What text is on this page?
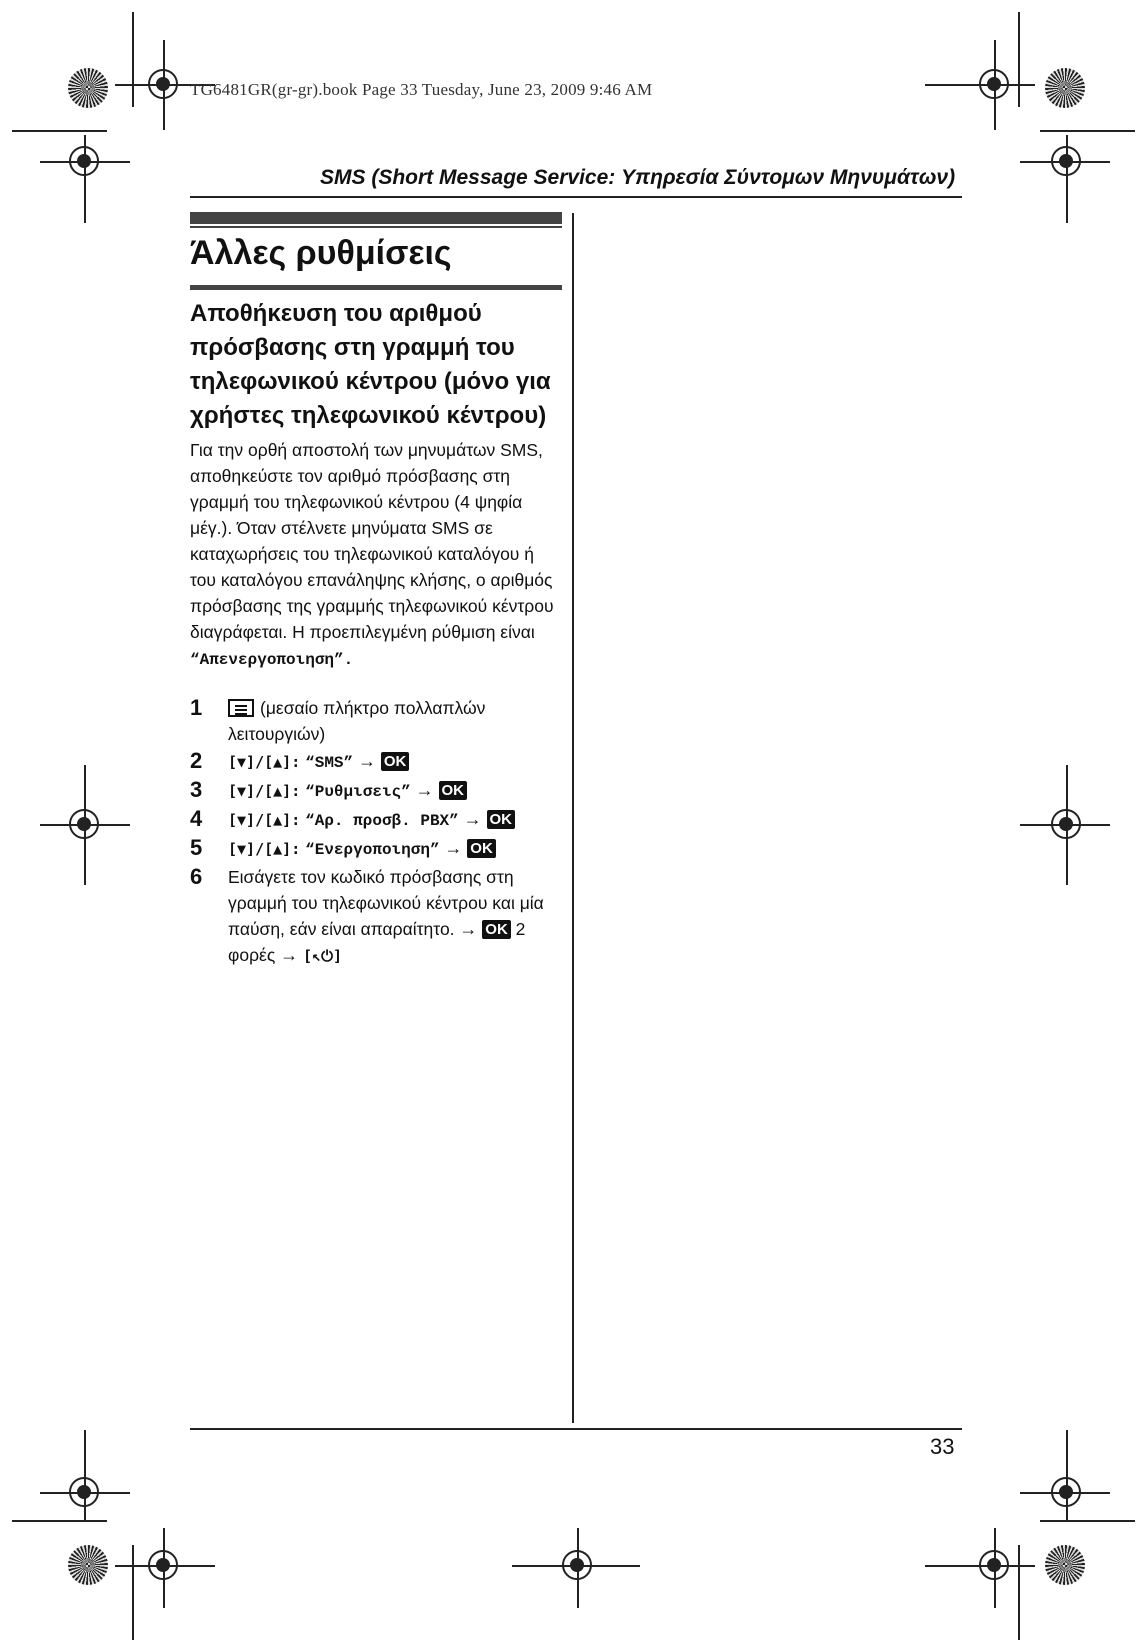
TG6481GR(gr-gr).book Page 33 Tuesday, June 23, 2009 9:46 AM
SMS (Short Message Service: Υπηρεσία Σύντομων Μηνυμάτων)
Άλλες ρυθμίσεις
Αποθήκευση του αριθμού πρόσβασης στη γραμμή του τηλεφωνικού κέντρου (μόνο για χρήστες τηλεφωνικού κέντρου)
Για την ορθή αποστολή των μηνυμάτων SMS, αποθηκεύστε τον αριθμό πρόσβασης στη γραμμή του τηλεφωνικού κέντρου (4 ψηφία μέγ.). Όταν στέλνετε μηνύματα SMS σε καταχωρήσεις του τηλεφωνικού καταλόγου ή του καταλόγου επανάληψης κλήσης, ο αριθμός πρόσβασης της γραμμής τηλεφωνικού κέντρου διαγράφεται. Η προεπιλεγμένη ρύθμιση είναι “Απενεργοποιηση”.
1	(μεσαίο πλήκτρο πολλαπλών λειτουργιών)
2	[▼]/[▲]: “SMS” → OK
3	[▼]/[▲]: “Ρυθμισεις” → OK
4	[▼]/[▲]: “Αρ. προσβ. PBX” → OK
5	[▼]/[▲]: “Ενεργοποιηση” → OK
6	Εισάγετε τον κωδικό πρόσβασης στη γραμμή του τηλεφωνικού κέντρου και μία παύση, εάν είναι απαραίτητο. → OK 2 φορές → [↖⏻]
33
